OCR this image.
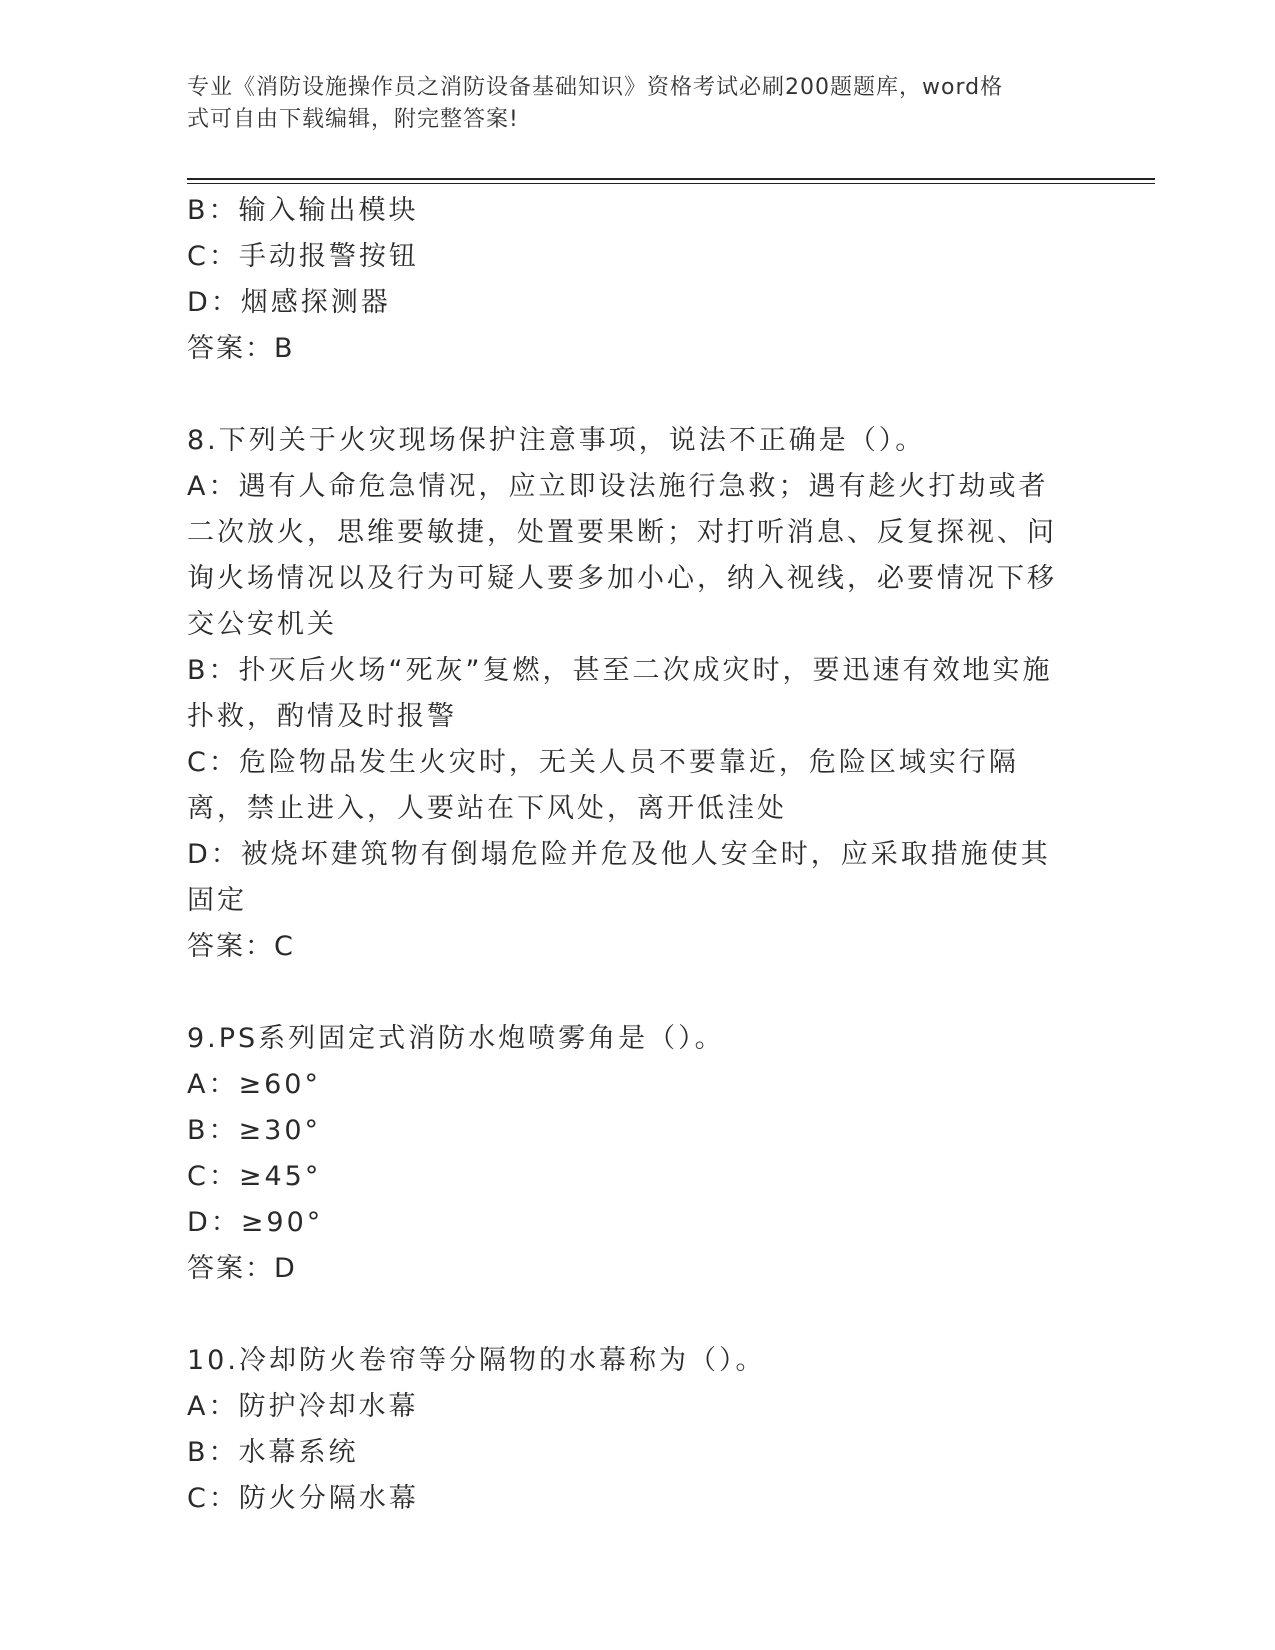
专业《消防设施操作员之消防设备基础知识》资格考试必刷200题题库，word格
式可自由下载编辑，附完整答案!
B：输入输出模块
C：手动报警按钮
D：烟感探测器
答案：B
8.下列关于火灾现场保护注意事项，说法不正确是（）。
A：遇有人命危急情况，应立即设法施行急救；遇有趁火打劫或者二次放火，思维要敏捷，处置要果断；对打听消息、反复探视、问询火场情况以及行为可疑人要多加小心，纳入视线，必要情况下移交公安机关
B：扑灭后火场“死灰”复燃，甚至二次成灾时，要迅速有效地实施扑救，酌情及时报警
C：危险物品发生火灾时，无关人员不要靠近，危险区域实行隔离，禁止进入，人要站在下风处，离开低洼处
D：被烧坏建筑物有倒塌危险并危及他人安全时，应采取措施使其固定
答案：C
9.PS系列固定式消防水炮喷雾角是（）。
A：≥60°
B：≥30°
C：≥45°
D：≥90°
答案：D
10.冷却防火卷帘等分隔物的水幕称为（）。
A：防护冷却水幕
B：水幕系统
C：防火分隔水幕
